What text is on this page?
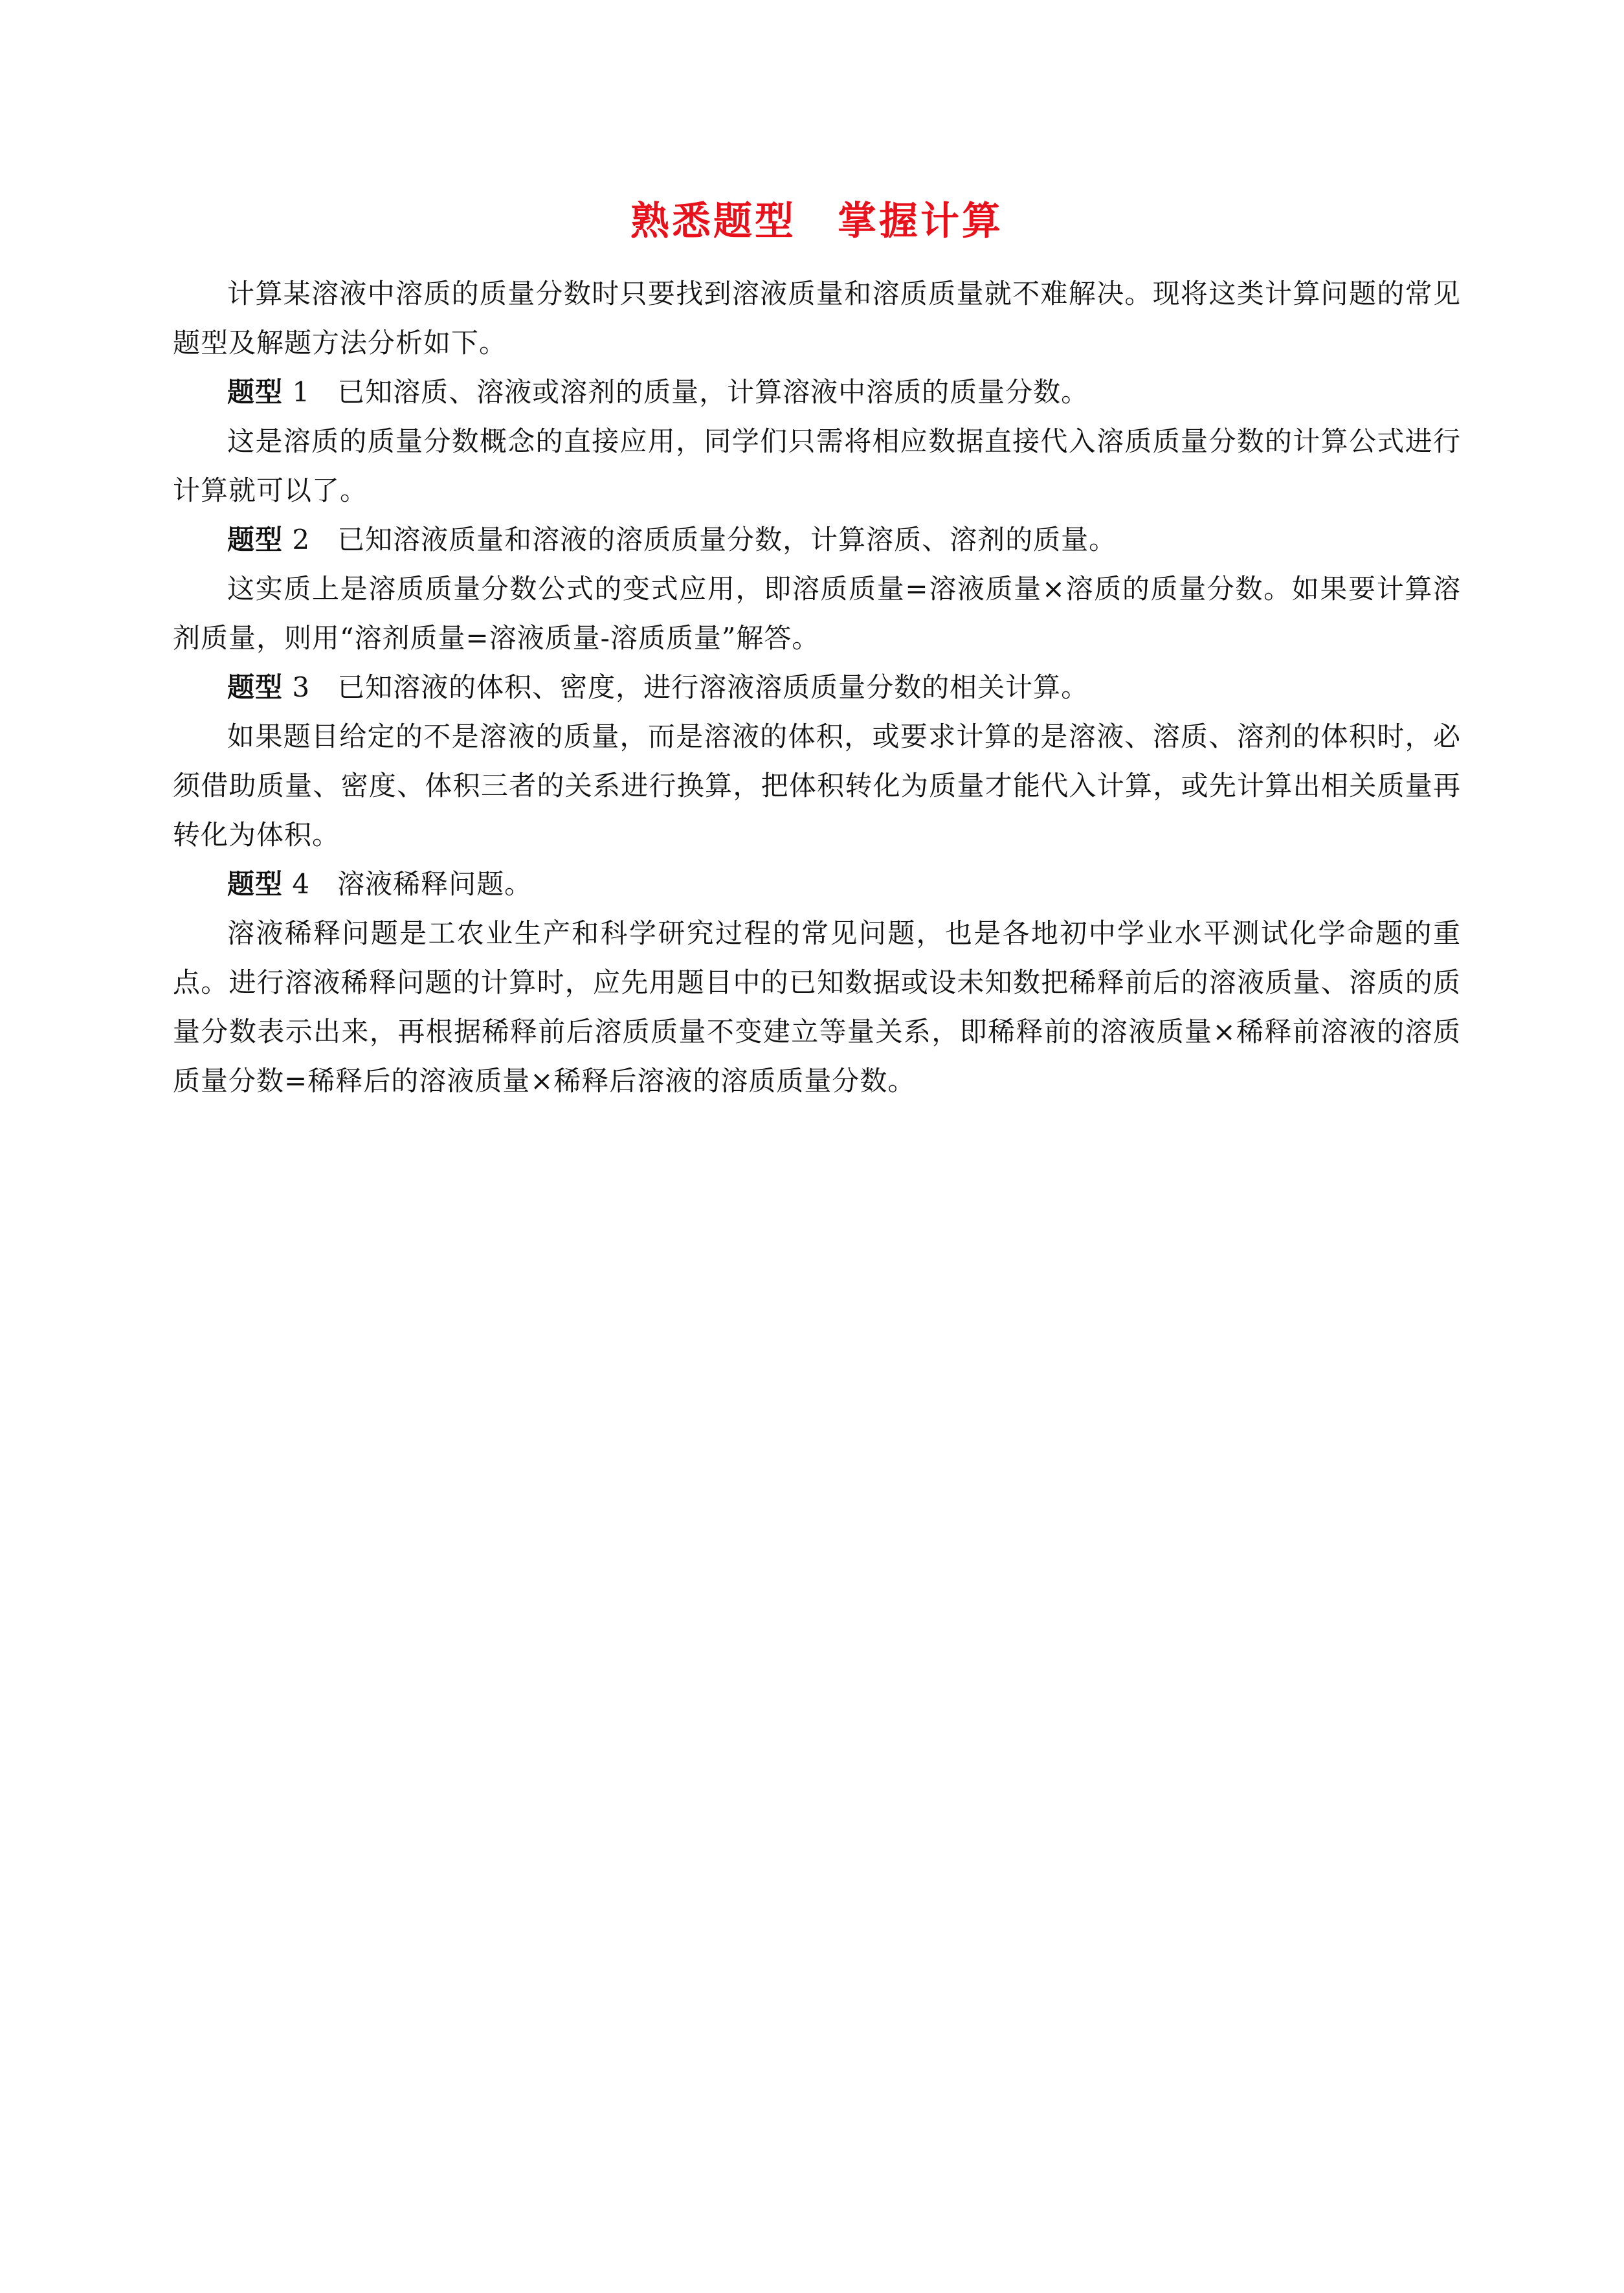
熟悉题型　掌握计算

计算某溶液中溶质的质量分数时只要找到溶液质量和溶质质量就不难解决。现将这类计算问题的常见题型及解题方法分析如下。

题型 1 已知溶质、溶液或溶剂的质量，计算溶液中溶质的质量分数。

这是溶质的质量分数概念的直接应用，同学们只需将相应数据直接代入溶质质量分数的计算公式进行计算就可以了。

题型 2 已知溶液质量和溶液的溶质质量分数，计算溶质、溶剂的质量。

这实质上是溶质质量分数公式的变式应用，即溶质质量=溶液质量×溶质的质量分数。如果要计算溶剂质量，则用“溶剂质量=溶液质量-溶质质量”解答。

题型 3 已知溶液的体积、密度，进行溶液溶质质量分数的相关计算。

如果题目给定的不是溶液的质量，而是溶液的体积，或要求计算的是溶液、溶质、溶剂的体积时，必须借助质量、密度、体积三者的关系进行换算，把体积转化为质量才能代入计算，或先计算出相关质量再转化为体积。

题型 4 溶液稀释问题。

溶液稀释问题是工农业生产和科学研究过程的常见问题，也是各地初中学业水平测试化学命题的重点。进行溶液稀释问题的计算时，应先用题目中的已知数据或设未知数把稀释前后的溶液质量、溶质的质量分数表示出来，再根据稀释前后溶质质量不变建立等量关系，即稀释前的溶液质量×稀释前溶液的溶质质量分数=稀释后的溶液质量×稀释后溶液的溶质质量分数。
